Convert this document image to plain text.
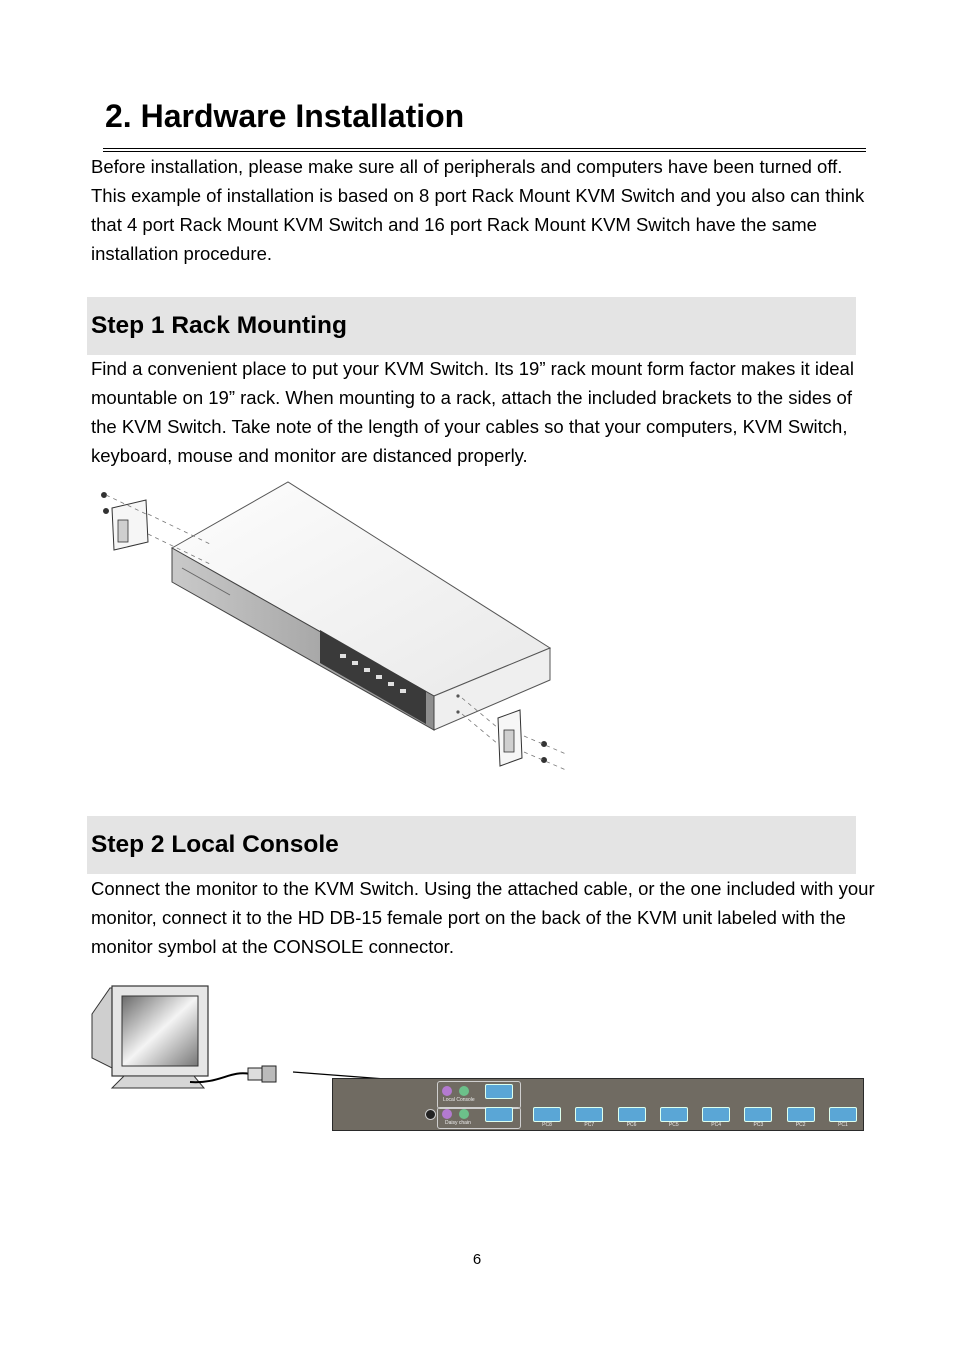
2. Hardware Installation

Before installation, please make sure all of peripherals and computers have been turned off. This example of installation is based on 8 port Rack Mount KVM Switch and you also can think that 4 port Rack Mount KVM Switch and 16 port Rack Mount KVM Switch have the same installation procedure.

Step 1 Rack Mounting

Find a convenient place to put your KVM Switch. Its 19” rack mount form factor makes it ideal mountable on 19” rack. When mounting to a rack, attach the included brackets to the sides of the KVM Switch. Take note of the length of your cables so that your computers, KVM Switch, keyboard, mouse and monitor are distanced properly.

Step 2 Local Console

Connect the monitor to the KVM Switch. Using the attached cable, or the one included with your monitor, connect it to the HD DB-15 female port on the back of the KVM unit labeled with the monitor symbol at the CONSOLE connector.

Local Console
Daisy chain	PC8	PC7	PC6	PC5	PC4	PC3	PC2	PC1
6
